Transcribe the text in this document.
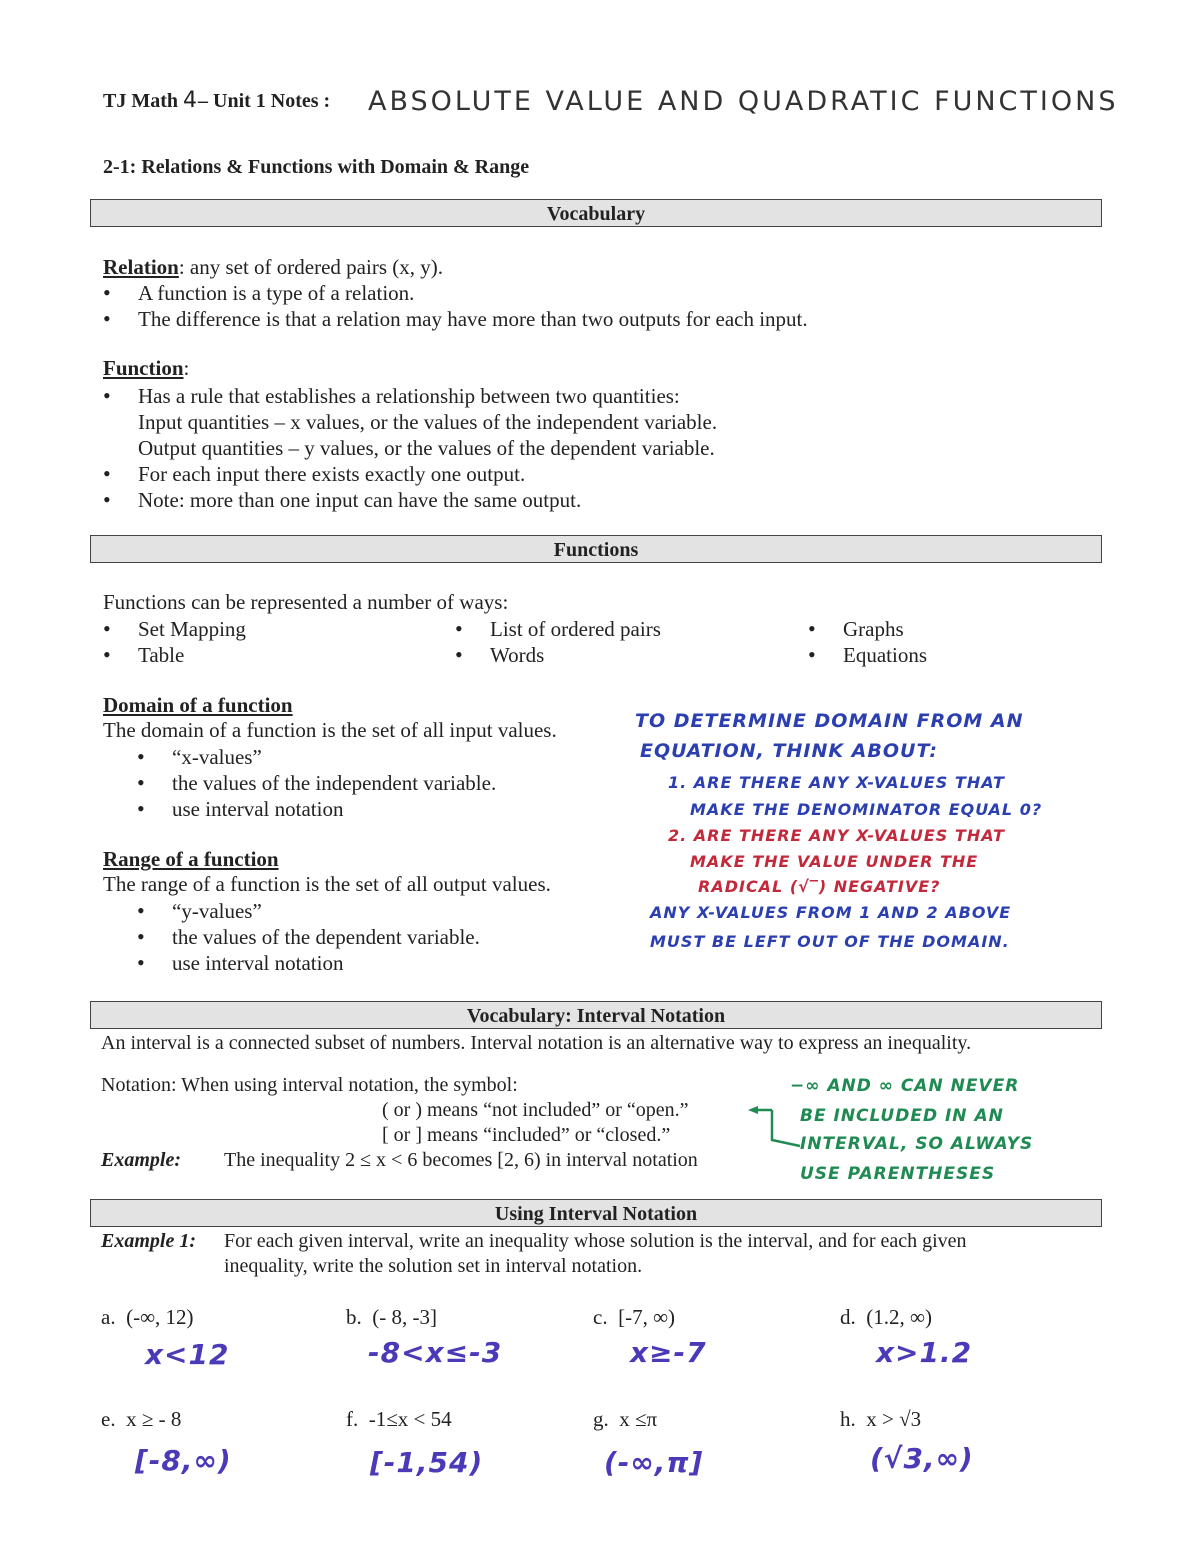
TJ Math 4– Unit 1 Notes : ABSOLUTE VALUE AND QUADRATIC FUNCTIONS
2-1: Relations & Functions with Domain & Range
Vocabulary
Relation: any set of ordered pairs (x, y).
• A function is a type of a relation.
• The difference is that a relation may have more than two outputs for each input.
Function:
• Has a rule that establishes a relationship between two quantities:
Input quantities – x values, or the values of the independent variable.
Output quantities – y values, or the values of the dependent variable.
• For each input there exists exactly one output.
• Note: more than one input can have the same output.
Functions
Functions can be represented a number of ways:
• Set Mapping
• Table
• List of ordered pairs
• Words
• Graphs
• Equations
Domain of a function
The domain of a function is the set of all input values.
• “x-values”
• the values of the independent variable.
• use interval notation
Range of a function
The range of a function is the set of all output values.
• “y-values”
• the values of the dependent variable.
• use interval notation
TO DETERMINE DOMAIN FROM AN
EQUATION, THINK ABOUT:
1. ARE THERE ANY X-VALUES THAT
MAKE THE DENOMINATOR EQUAL 0?
2. ARE THERE ANY X-VALUES THAT
MAKE THE VALUE UNDER THE
RADICAL (√‾) NEGATIVE?
ANY X-VALUES FROM 1 AND 2 ABOVE
MUST BE LEFT OUT OF THE DOMAIN.
Vocabulary: Interval Notation
An interval is a connected subset of numbers. Interval notation is an alternative way to express an inequality.
Notation: When using interval notation, the symbol:
( or ) means “not included” or “open.”
[ or ] means “included” or “closed.”
Example: The inequality 2 ≤ x < 6 becomes [2, 6) in interval notation
−∞ AND ∞ CAN NEVER
BE INCLUDED IN AN
INTERVAL, SO ALWAYS
USE PARENTHESES
Using Interval Notation
Example 1: For each given interval, write an inequality whose solution is the interval, and for each given
inequality, write the solution set in interval notation.
a. (-∞, 12)	b. (- 8, -3]	c. [-7, ∞)	d. (1.2, ∞)
x<12	-8<x≤-3	x≥-7	x>1.2
e. x ≥ - 8	f. -1≤x < 54	g. x ≤π	h. x > √3
[-8,∞)	[-1,54)	(-∞,π]	(√3,∞)
